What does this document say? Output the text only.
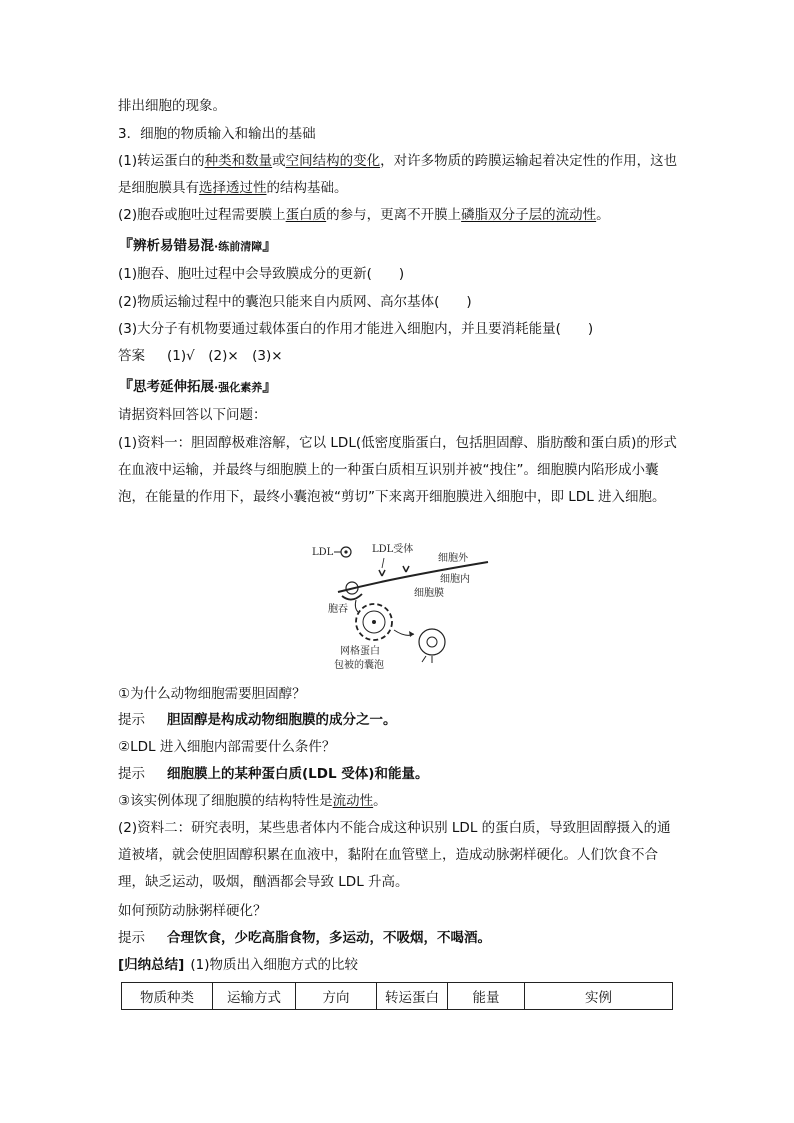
排出细胞的现象。
3．细胞的物质输入和输出的基础
(1)转运蛋白的种类和数量或空间结构的变化，对许多物质的跨膜运输起着决定性的作用，这也是细胞膜具有选择透过性的结构基础。
(2)胞吞或胞吐过程需要膜上蛋白质的参与，更离不开膜上磷脂双分子层的流动性。
『辨析易错易混·练前清障』
(1)胞吞、胞吐过程中会导致膜成分的更新(　　)
(2)物质运输过程中的囊泡只能来自内质网、高尔基体(　　)
(3)大分子有机物要通过载体蛋白的作用才能进入细胞内，并且要消耗能量(　　)
答案 (1)√　(2)×　(3)×
『思考延伸拓展·强化素养』
请据资料回答以下问题：
(1)资料一：胆固醇极难溶解，它以 LDL(低密度脂蛋白，包括胆固醇、脂肪酸和蛋白质)的形式在血液中运输，并最终与细胞膜上的一种蛋白质相互识别并被“拽住”。细胞膜内陷形成小囊泡，在能量的作用下，最终小囊泡被“剪切”下来离开细胞膜进入细胞中，即 LDL 进入细胞。
LDL	LDL受体
细胞外
细胞内
细胞膜
胞吞
网格蛋白
包被的囊泡
①为什么动物细胞需要胆固醇？
提示 胆固醇是构成动物细胞膜的成分之一。
②LDL 进入细胞内部需要什么条件？
提示 细胞膜上的某种蛋白质(LDL 受体)和能量。
③该实例体现了细胞膜的结构特性是流动性。
(2)资料二：研究表明，某些患者体内不能合成这种识别 LDL 的蛋白质，导致胆固醇摄入的通道被堵，就会使胆固醇积累在血液中，黏附在血管壁上，造成动脉粥样硬化。人们饮食不合理，缺乏运动，吸烟，酗酒都会导致 LDL 升高。
如何预防动脉粥样硬化？
提示 合理饮食，少吃高脂食物，多运动，不吸烟，不喝酒。
[归纳总结] (1)物质出入细胞方式的比较
物质种类	运输方式	方向	转运蛋白	能量	实例
